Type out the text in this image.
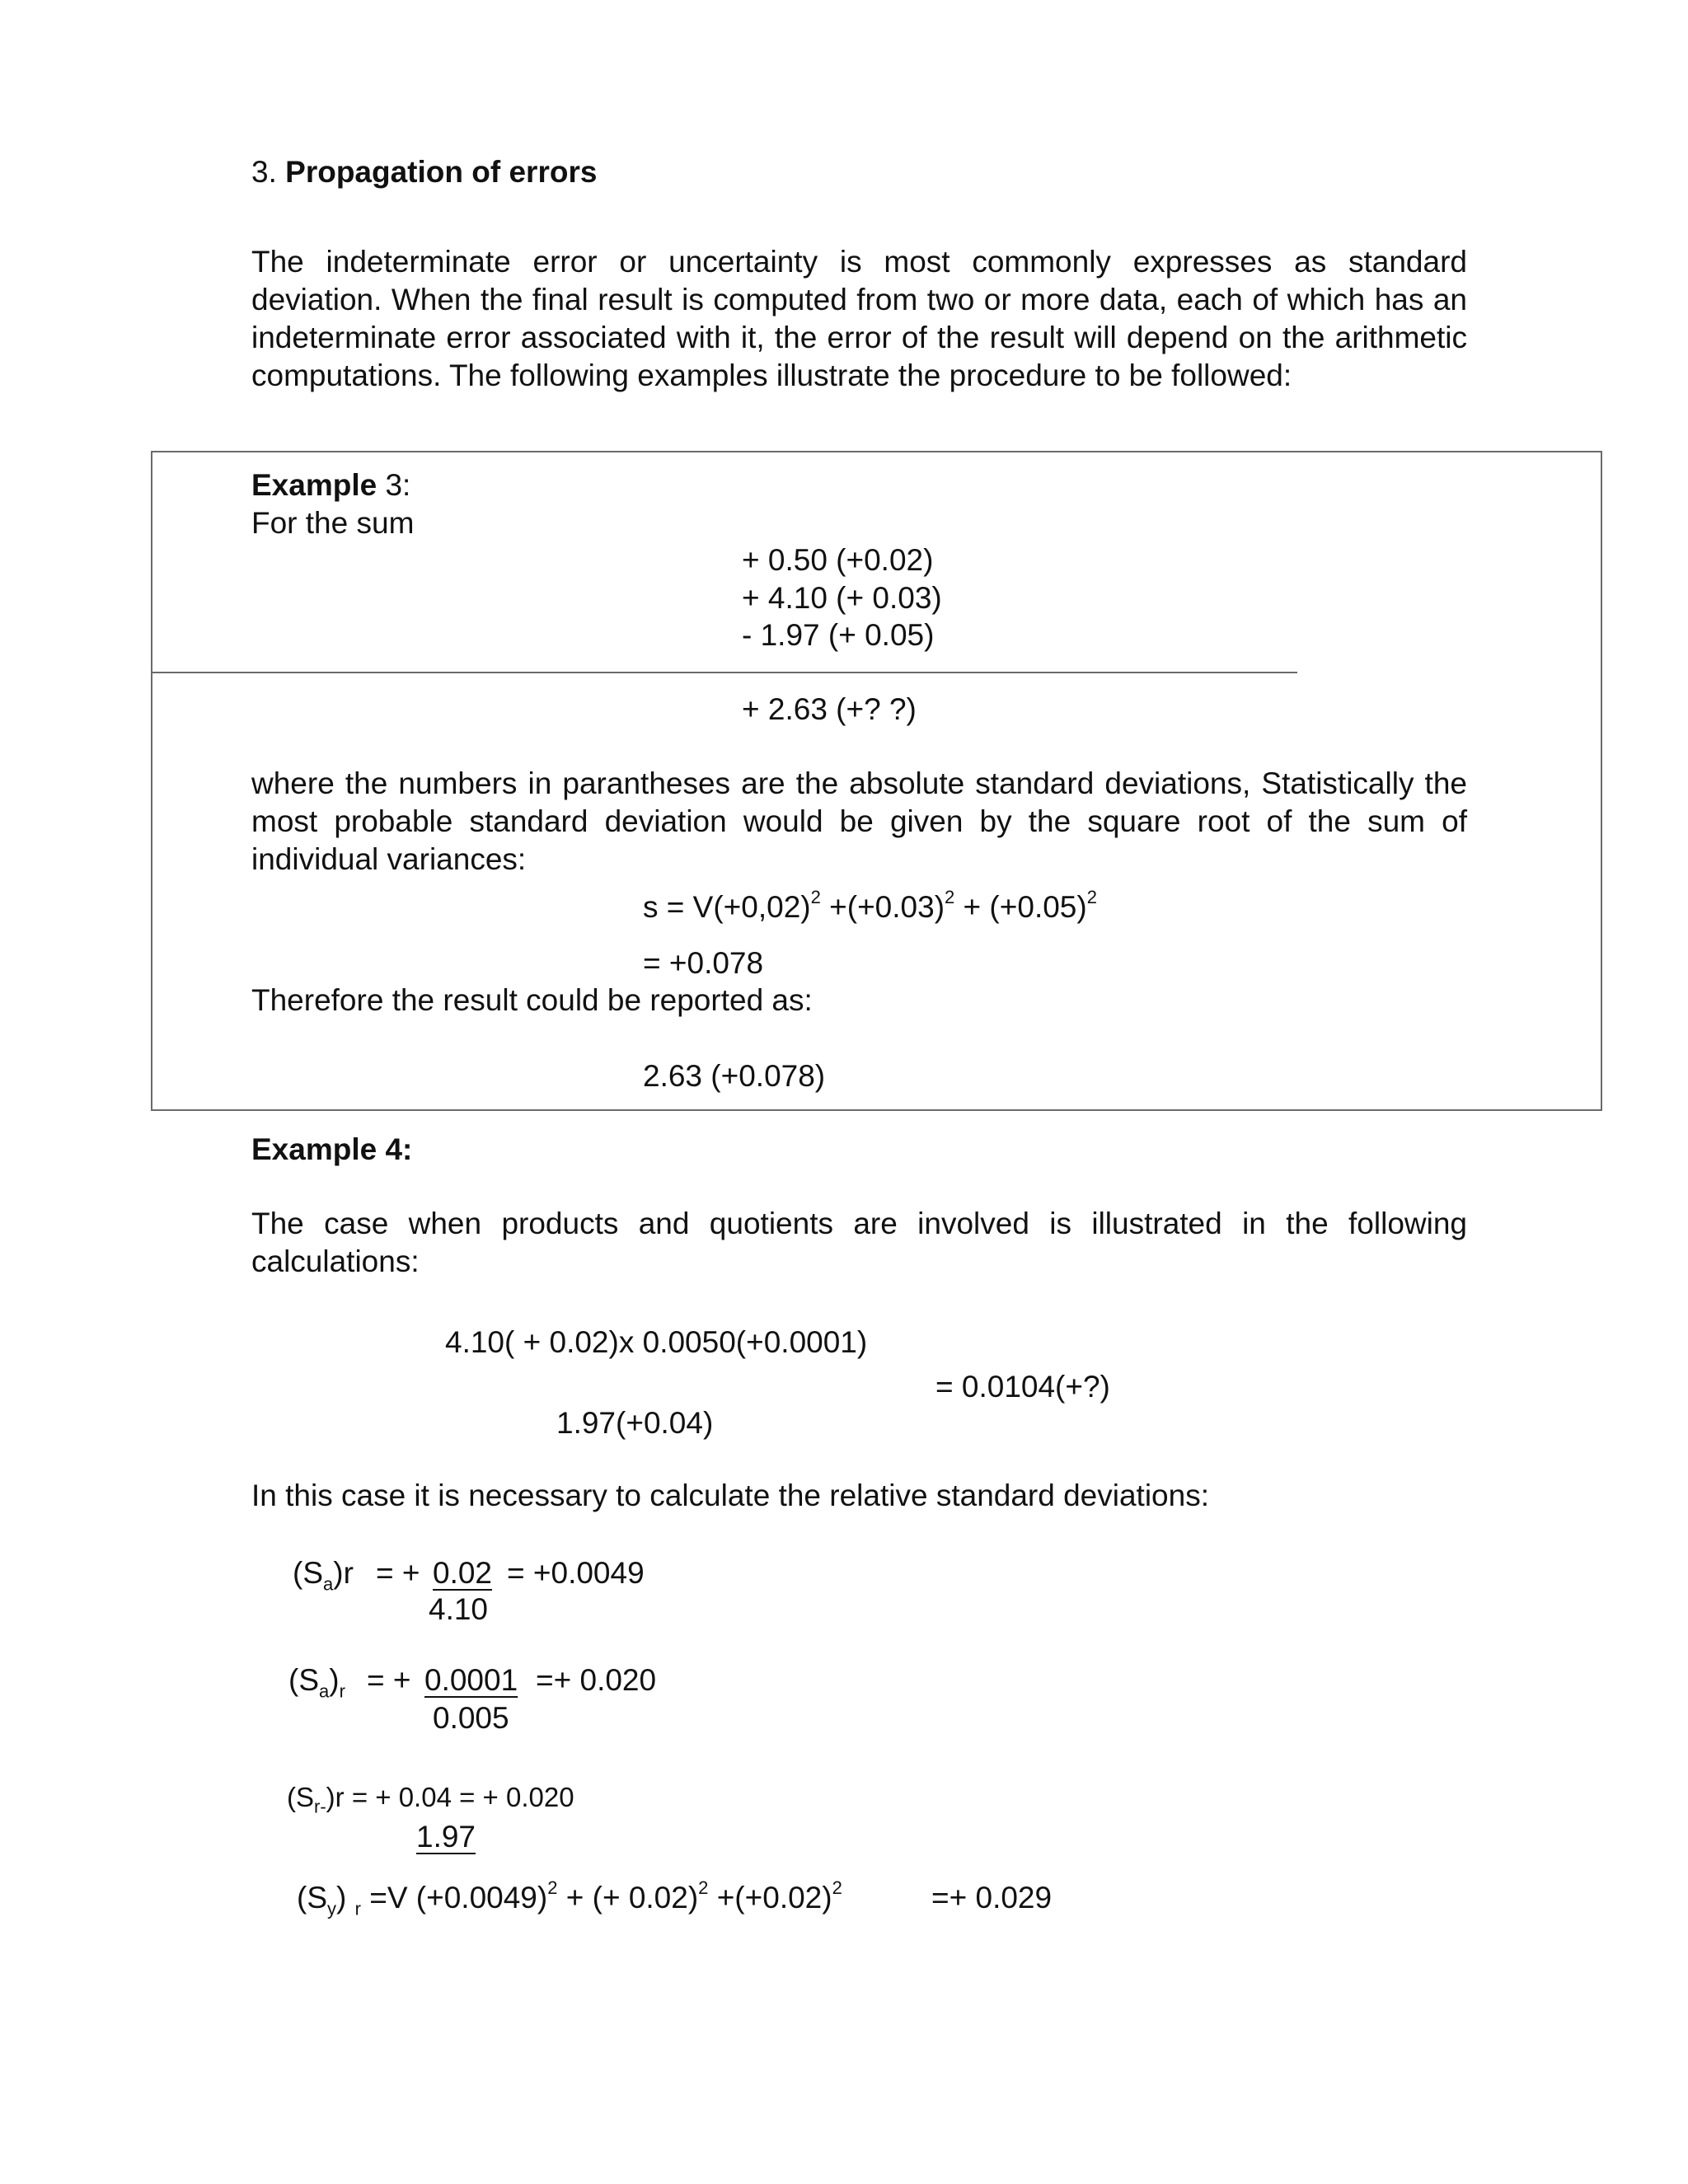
3. Propagation of errors
The indeterminate error or uncertainty is most commonly expresses as standard deviation. When the final result is computed from two or more data, each of which has an indeterminate error associated with it, the error of the result will depend on the arithmetic computations. The following examples illustrate the procedure to be followed:
Example 3:
For the sum
+ 0.50 (+0.02)
+ 4.10 (+ 0.03)
- 1.97 (+ 0.05)
+ 2.63 (+? ?)
where the numbers in parantheses are the absolute standard deviations, Statistically the most probable standard deviation would be given by the square root of the sum of individual variances:
$s = V(+0,02)^2 +(+0.03)^2 + (+0.05)^2$
= +0.078
Therefore the result could be reported as:
2.63 (+0.078)
Example 4:
The case when products and quotients are involved is illustrated in the following calculations:
4.10( + 0.02)x 0.0050(+0.0001)
= 0.0104(+?)
1.97(+0.04)
In this case it is necessary to calculate the relative standard deviations:
$(S_a)r$ = + 0.02 = +0.0049
4.10
$(S_a)_r$ = + 0.0001 =+ 0.020
0.005
$(S_{r-})r$ = + 0.04 = + 0.020
1.97
$(S_y)$ $_r$ =V $(+0.0049)^2$ + (+ $0.02)^2 +(+0.02)^2$	=+ 0.029
